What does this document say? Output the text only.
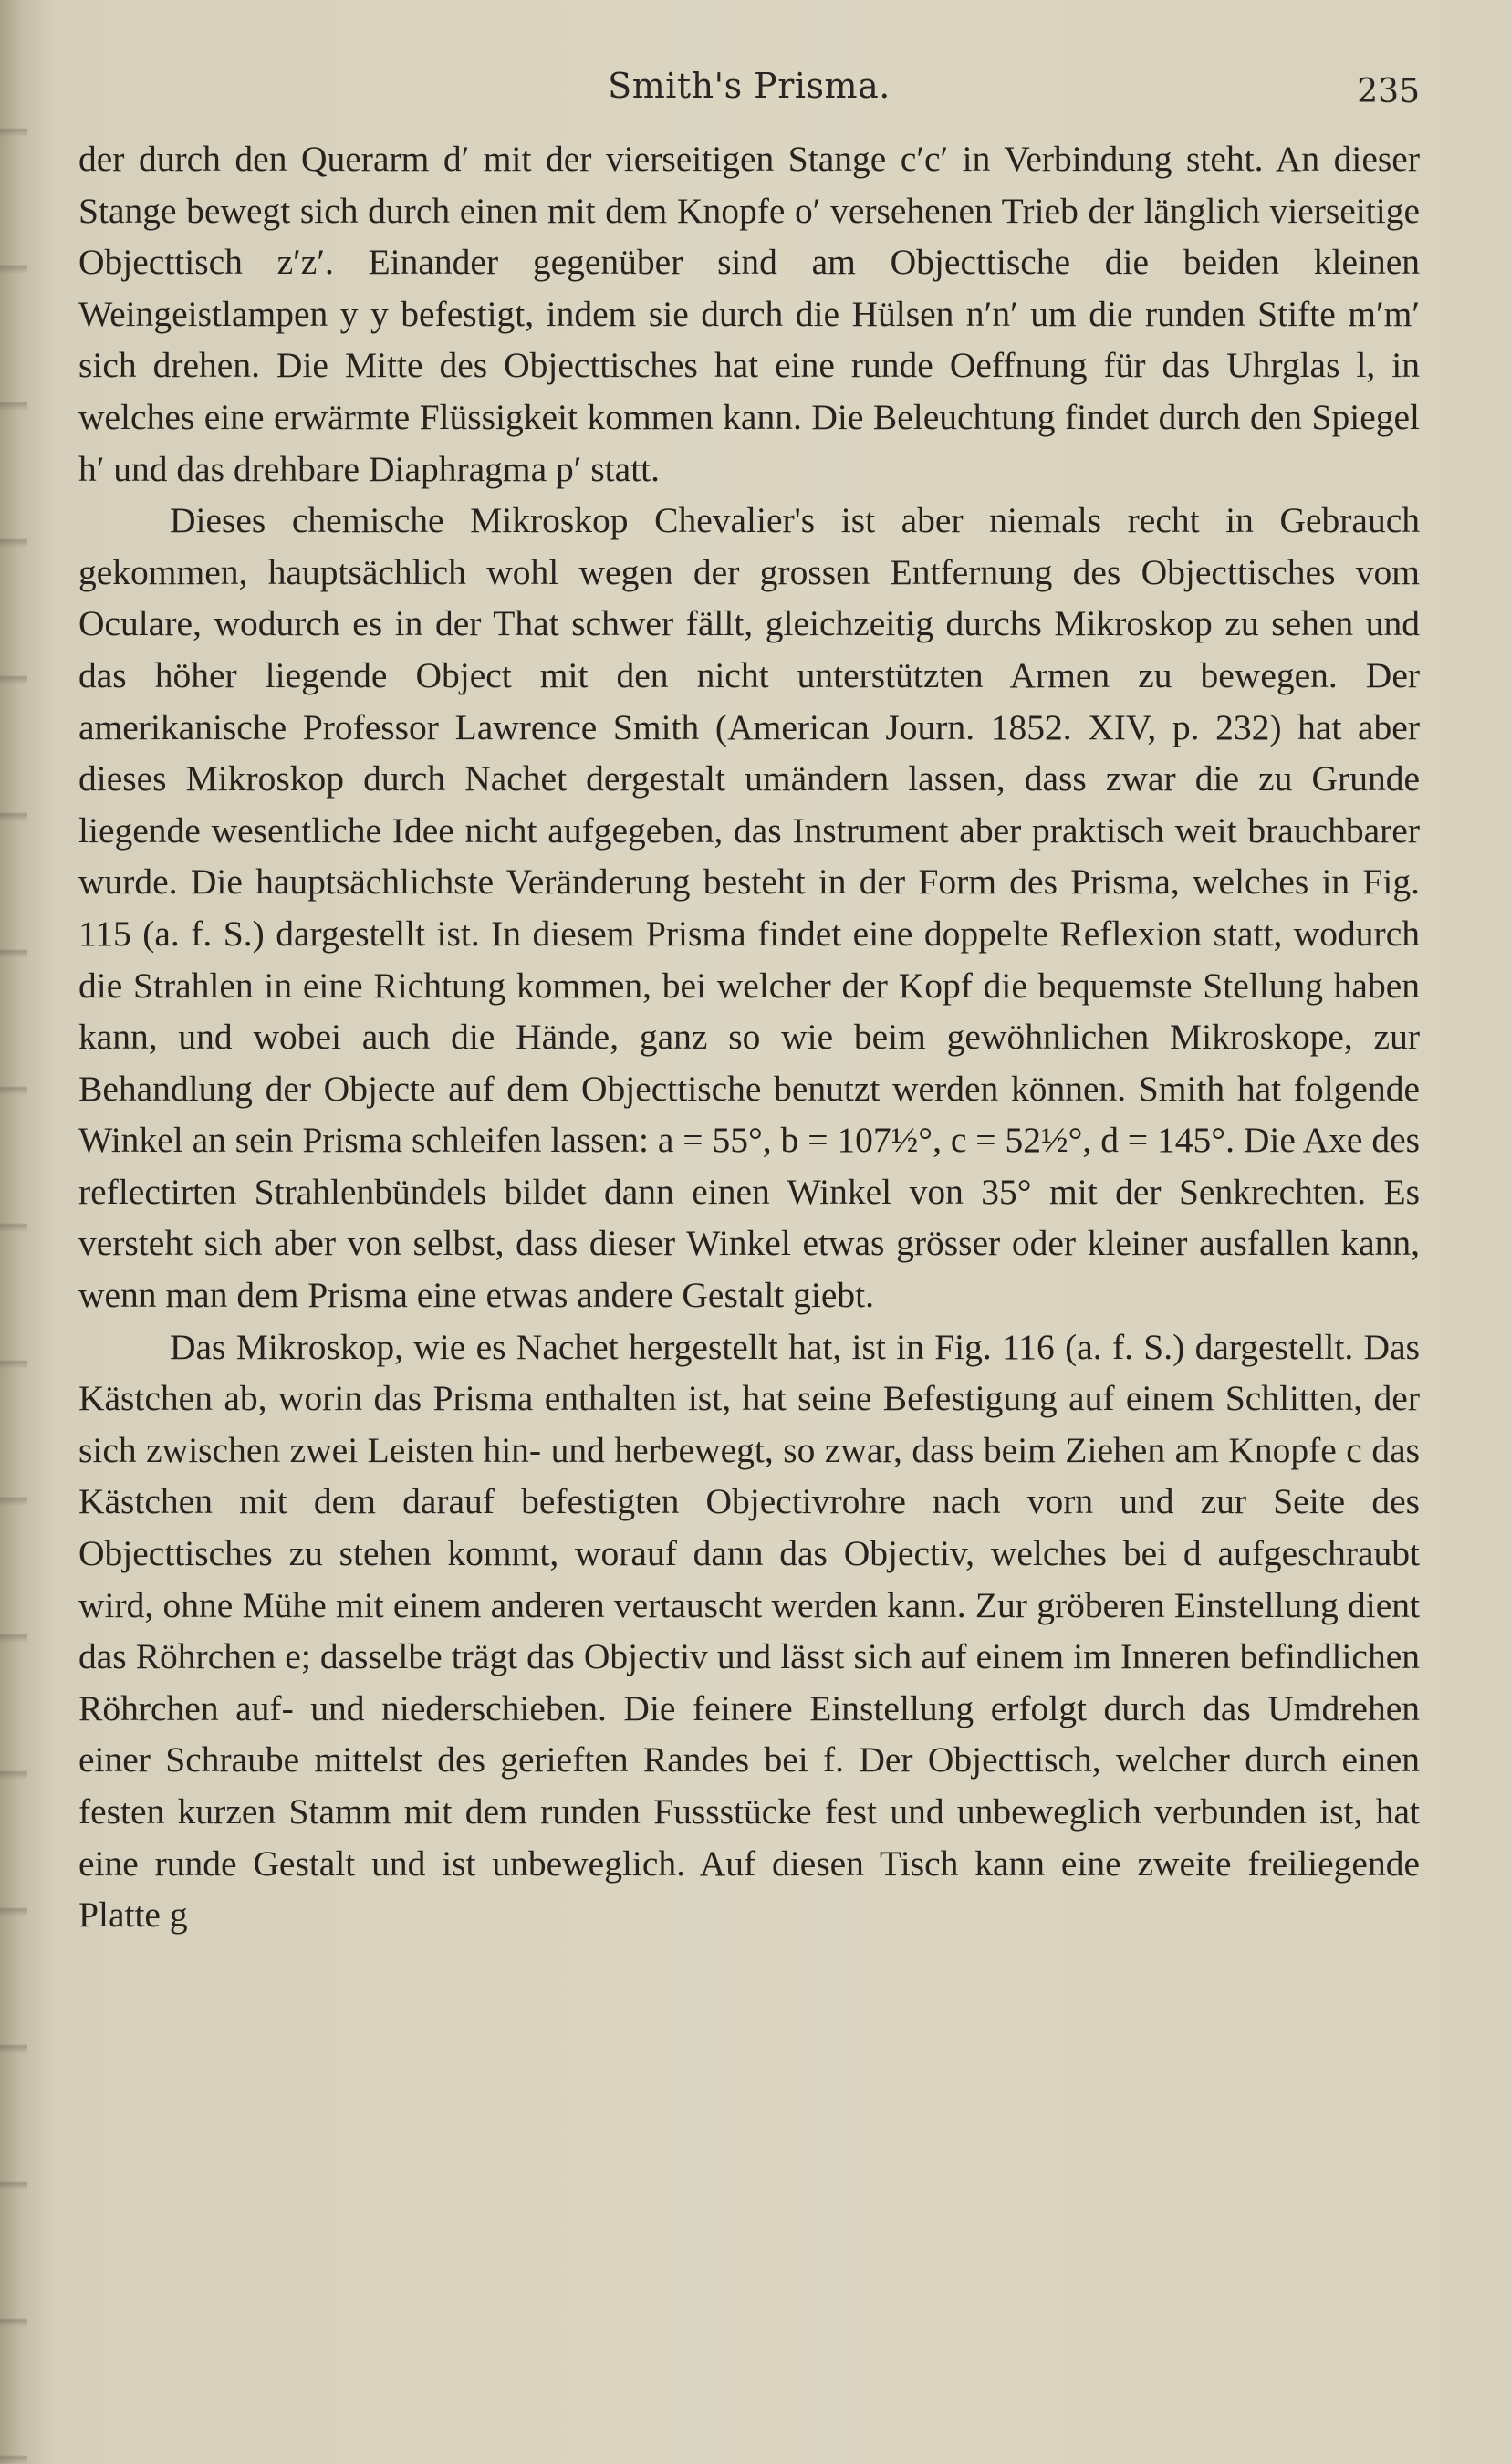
Smith's Prisma.	235

der durch den Querarm d′ mit der vierseitigen Stange c′c′ in Verbindung steht. An dieser Stange bewegt sich durch einen mit dem Knopfe o′ versehenen Trieb der länglich vierseitige Objecttisch z′z′. Einander gegenüber sind am Objecttische die beiden kleinen Weingeistlampen y y befestigt, indem sie durch die Hülsen n′n′ um die runden Stifte m′m′ sich drehen. Die Mitte des Objecttisches hat eine runde Oeffnung für das Uhrglas l, in welches eine erwärmte Flüssigkeit kommen kann. Die Beleuchtung findet durch den Spiegel h′ und das drehbare Diaphragma p′ statt.

Dieses chemische Mikroskop Chevalier's ist aber niemals recht in Gebrauch gekommen, hauptsächlich wohl wegen der grossen Entfernung des Objecttisches vom Oculare, wodurch es in der That schwer fällt, gleichzeitig durchs Mikroskop zu sehen und das höher liegende Object mit den nicht unterstützten Armen zu bewegen. Der amerikanische Professor Lawrence Smith (American Journ. 1852. XIV, p. 232) hat aber dieses Mikroskop durch Nachet dergestalt umändern lassen, dass zwar die zu Grunde liegende wesentliche Idee nicht aufgegeben, das Instrument aber praktisch weit brauchbarer wurde. Die hauptsächlichste Veränderung besteht in der Form des Prisma, welches in Fig. 115 (a. f. S.) dargestellt ist. In diesem Prisma findet eine doppelte Reflexion statt, wodurch die Strahlen in eine Richtung kommen, bei welcher der Kopf die bequemste Stellung haben kann, und wobei auch die Hände, ganz so wie beim gewöhnlichen Mikroskope, zur Behandlung der Objecte auf dem Objecttische benutzt werden können. Smith hat folgende Winkel an sein Prisma schleifen lassen: a = 55°, b = 107½°, c = 52½°, d = 145°. Die Axe des reflectirten Strahlenbündels bildet dann einen Winkel von 35° mit der Senkrechten. Es versteht sich aber von selbst, dass dieser Winkel etwas grösser oder kleiner ausfallen kann, wenn man dem Prisma eine etwas andere Gestalt giebt.

Das Mikroskop, wie es Nachet hergestellt hat, ist in Fig. 116 (a. f. S.) dargestellt. Das Kästchen ab, worin das Prisma enthalten ist, hat seine Befestigung auf einem Schlitten, der sich zwischen zwei Leisten hin- und herbewegt, so zwar, dass beim Ziehen am Knopfe c das Kästchen mit dem darauf befestigten Objectivrohre nach vorn und zur Seite des Objecttisches zu stehen kommt, worauf dann das Objectiv, welches bei d aufgeschraubt wird, ohne Mühe mit einem anderen vertauscht werden kann. Zur gröberen Einstellung dient das Röhrchen e; dasselbe trägt das Objectiv und lässt sich auf einem im Inneren befindlichen Röhrchen auf- und niederschieben. Die feinere Einstellung erfolgt durch das Umdrehen einer Schraube mittelst des gerieften Randes bei f. Der Objecttisch, welcher durch einen festen kurzen Stamm mit dem runden Fussstücke fest und unbeweglich verbunden ist, hat eine runde Gestalt und ist unbeweglich. Auf diesen Tisch kann eine zweite freiliegende Platte g
